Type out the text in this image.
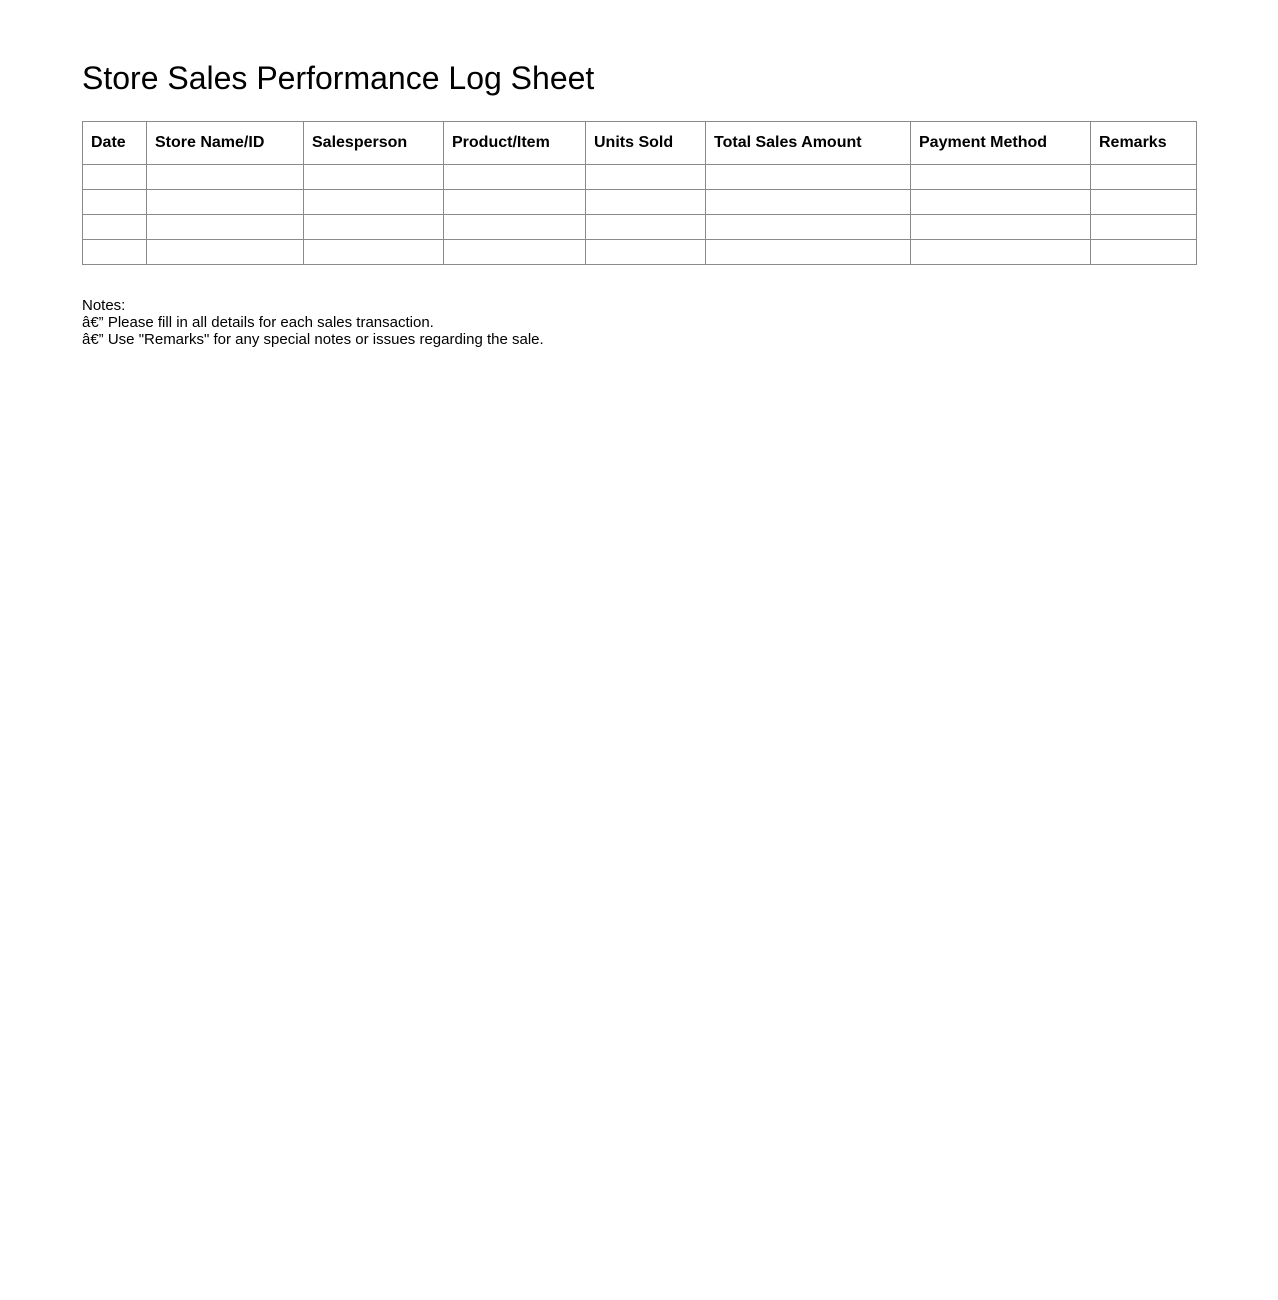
Store Sales Performance Log Sheet
Date	Store Name/ID	Salesperson	Product/Item	Units Sold	Total Sales Amount	Payment Method	Remarks

Notes:
â€” Please fill in all details for each sales transaction.
â€” Use "Remarks" for any special notes or issues regarding the sale.
